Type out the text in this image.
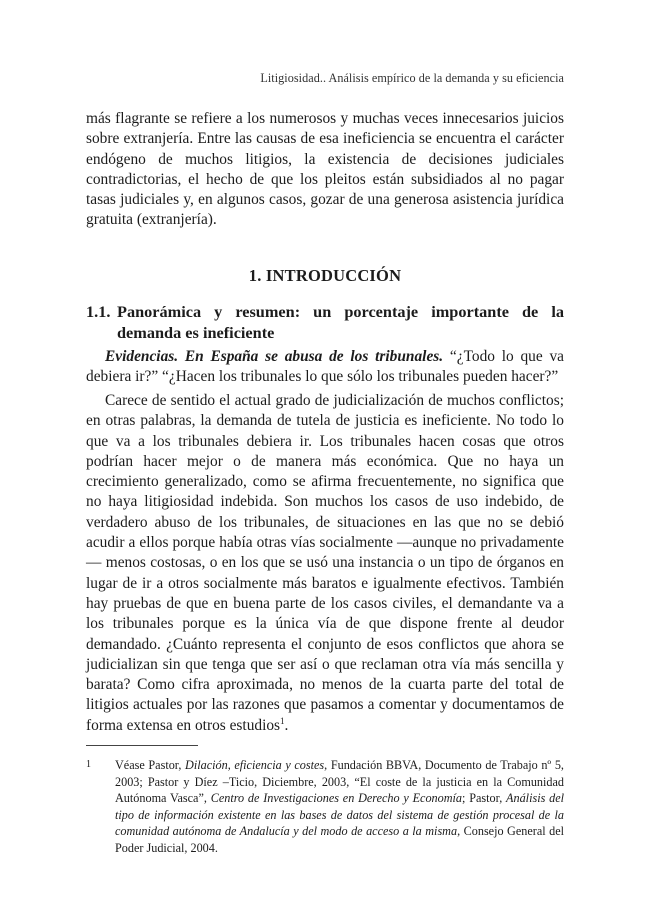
Litigiosidad.. Análisis empírico de la demanda y su eficiencia

más flagrante se refiere a los numerosos y muchas veces innecesarios juicios sobre extranjería. Entre las causas de esa ineficiencia se encuentra el carácter endógeno de muchos litigios, la existencia de decisiones judiciales contradictorias, el hecho de que los pleitos están subsidiados al no pagar tasas judiciales y, en algunos casos, gozar de una generosa asistencia jurídica gratuita (extranjería).

1. INTRODUCCIÓN
1.1. Panorámica y resumen: un porcentaje importante de la demanda es ineficiente

Evidencias. En España se abusa de los tribunales. “¿Todo lo que va debiera ir?” “¿Hacen los tribunales lo que sólo los tribunales pueden hacer?”

Carece de sentido el actual grado de judicialización de muchos conflictos; en otras palabras, la demanda de tutela de justicia es ineficiente. No todo lo que va a los tribunales debiera ir. Los tribunales hacen cosas que otros podrían hacer mejor o de manera más económica. Que no haya un crecimiento generalizado, como se afirma frecuentemente, no significa que no haya litigiosidad indebida. Son muchos los casos de uso indebido, de verdadero abuso de los tribunales, de situaciones en las que no se debió acudir a ellos porque había otras vías socialmente —aunque no privadamente— menos costosas, o en los que se usó una instancia o un tipo de órganos en lugar de ir a otros socialmente más baratos e igualmente efectivos. También hay pruebas de que en buena parte de los casos civiles, el demandante va a los tribunales porque es la única vía de que dispone frente al deudor demandado. ¿Cuánto representa el conjunto de esos conflictos que ahora se judicializan sin que tenga que ser así o que reclaman otra vía más sencilla y barata? Como cifra aproximada, no menos de la cuarta parte del total de litigios actuales por las razones que pasamos a comentar y documentamos de forma extensa en otros estudios$^1$.

1 Véase Pastor, Dilación, eficiencia y costes, Fundación BBVA, Documento de Trabajo nº 5, 2003; Pastor y Díez –Ticio, Diciembre, 2003, “El coste de la justicia en la Comunidad Autónoma Vasca”, Centro de Investigaciones en Derecho y Economía; Pastor, Análisis del tipo de información existente en las bases de datos del sistema de gestión procesal de la comunidad autónoma de Andalucía y del modo de acceso a la misma, Consejo General del Poder Judicial, 2004.
